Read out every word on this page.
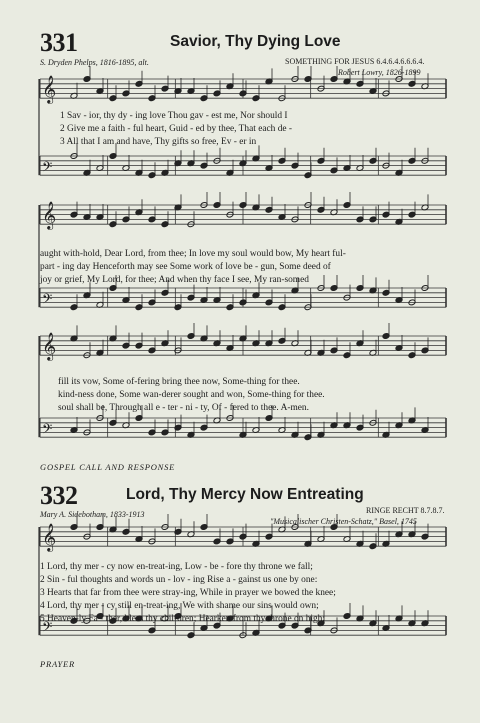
331	Savior, Thy Dying Love
S. Dryden Phelps, 1816-1895, alt.	SOMETHING FOR JESUS 6.4.6.4.6.6.6.4.
Robert Lowry, 1826-1899
𝄞
𝄢
𝄞
𝄢
𝄞
𝄢
𝄞
𝄢
1 Sav - ior, thy dy - ing love Thou gav - est me, Nor should I
2 Give me a faith - ful heart, Guid - ed by thee, That each de -
3 All that I am and have, Thy gifts so free, Ev - er in
aught with-hold, Dear Lord, from thee; In love my soul would bow, My heart ful-
part - ing day Henceforth may see Some work of love be - gun, Some deed of
joy or grief, My Lord, for thee; And when thy face I see, My ran-somed
fill its vow, Some of-fering bring thee now, Some-thing for thee.
kind-ness done, Some wan-derer sought and won, Some-thing for thee.
soul shall be, Through all e - ter - ni - ty, Of - fered to thee. A-men.
GOSPEL CALL AND RESPONSE
332	Lord, Thy Mercy Now Entreating
Mary A. Sidebotham, 1833-1913	RINGE RECHT 8.7.8.7.
"Musicalischer Christen-Schatz," Basel, 1745
1 Lord, thy mer - cy now en-treat-ing, Low - be - fore thy throne we fall;
2 Sin - ful thoughts and words un - lov - ing Rise a - gainst us one by one:
3 Hearts that far from thee were stray-ing, While in prayer we bowed the knee;
4 Lord, thy mer - cy still en-treat-ing, We with shame our sins would own;
5 Heaven-ly Fa - ther, bless thy chil-dren; Hearken from thy throne on high;
PRAYER
